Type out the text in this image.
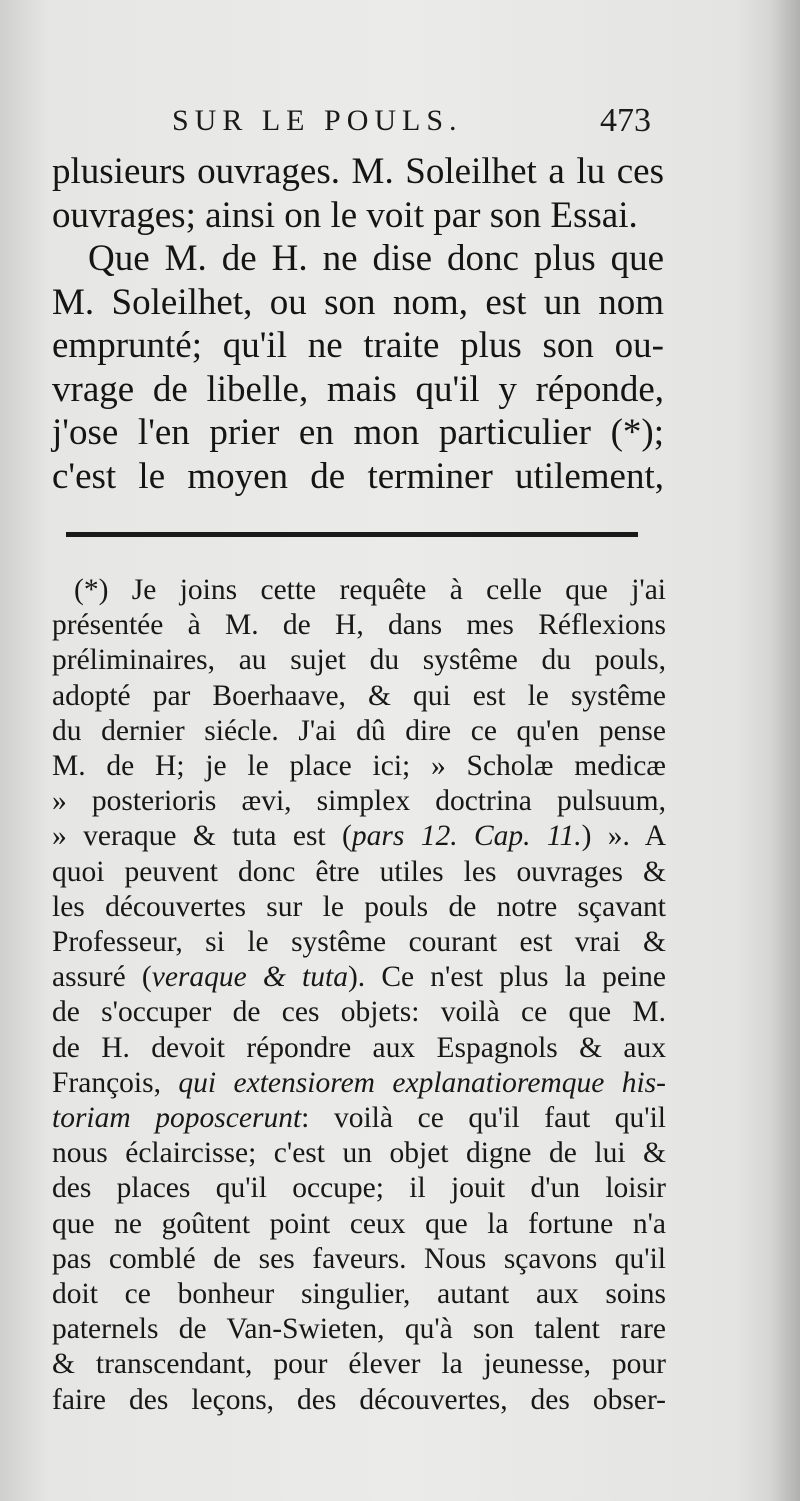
SUR LE POULS.	473
plusieurs ouvrages. M. Soleilhet a lu ces
ouvrages; ainsi on le voit par son Essai.
Que M. de H. ne dise donc plus que
M. Soleilhet, ou son nom, est un nom
emprunté; qu'il ne traite plus son ou-
vrage de libelle, mais qu'il y réponde,
j'ose l'en prier en mon particulier (*);
c'est le moyen de terminer utilement,
(*) Je joins cette requête à celle que j'ai
présentée à M. de H, dans mes Réflexions
préliminaires, au sujet du systême du pouls,
adopté par Boerhaave, & qui est le systême
du dernier siécle. J'ai dû dire ce qu'en pense
M. de H; je le place ici; » Scholæ medicæ
» posterioris ævi, simplex doctrina pulsuum,
» veraque & tuta est (pars 12. Cap. 11.) ». A
quoi peuvent donc être utiles les ouvrages &
les découvertes sur le pouls de notre sçavant
Professeur, si le systême courant est vrai &
assuré (veraque & tuta). Ce n'est plus la peine
de s'occuper de ces objets: voilà ce que M.
de H. devoit répondre aux Espagnols & aux
François, qui extensiorem explanatioremque his-
toriam poposcerunt: voilà ce qu'il faut qu'il
nous éclaircisse; c'est un objet digne de lui &
des places qu'il occupe; il jouit d'un loisir
que ne goûtent point ceux que la fortune n'a
pas comblé de ses faveurs. Nous sçavons qu'il
doit ce bonheur singulier, autant aux soins
paternels de Van-Swieten, qu'à son talent rare
& transcendant, pour élever la jeunesse, pour
faire des leçons, des découvertes, des obser-
